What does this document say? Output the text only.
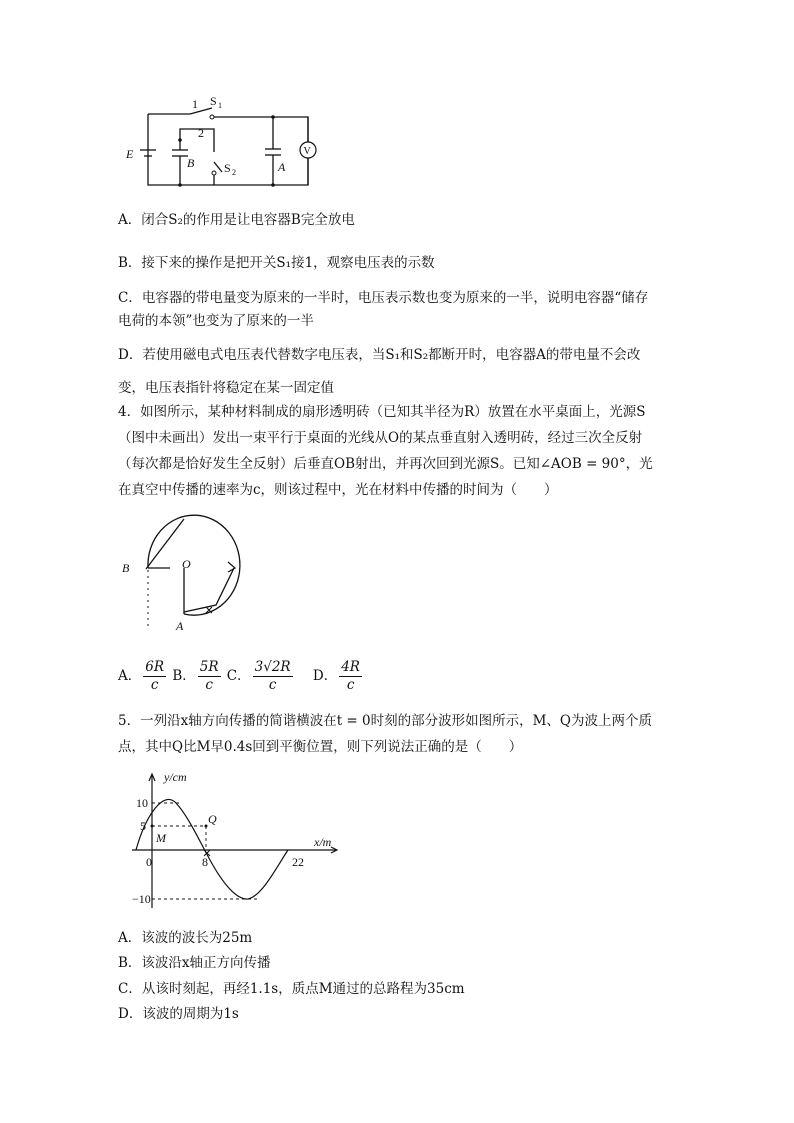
E
B	A
1
2
S 1
S 2
V
A．闭合S₂的作用是让电容器B完全放电
B．接下来的操作是把开关S₁接1，观察电压表的示数
C．电容器的带电量变为原来的一半时，电压表示数也变为原来的一半，说明电容器“储存
电荷的本领”也变为了原来的一半
D．若使用磁电式电压表代替数字电压表，当S₁和S₂都断开时，电容器A的带电量不会改
变，电压表指针将稳定在某一固定值
4．如图所示，某种材料制成的扇形透明砖（已知其半径为R）放置在水平桌面上，光源S
（图中未画出）发出一束平行于桌面的光线从O的某点垂直射入透明砖，经过三次全反射
（每次都是恰好发生全反射）后垂直OB射出，并再次回到光源S。已知∠AOB = 90°，光
在真空中传播的速率为c，则该过程中，光在材料中传播的时间为（　　）
B	O
A
A． $\frac{6R}{c}$ B． $\frac{5R}{c}$ C． $\frac{3√2R}{c}$ D． $\frac{4R}{c}$
5．一列沿x轴方向传播的简谐横波在t = 0时刻的部分波形如图所示，M、Q为波上两个质
点，其中Q比M早0.4s回到平衡位置，则下列说法正确的是（　　）
y/cm
x/m
10
5
0
−10
8	22
M
Q
A．该波的波长为25m
B．该波沿x轴正方向传播
C．从该时刻起，再经1.1s，质点M通过的总路程为35cm
D．该波的周期为1s
